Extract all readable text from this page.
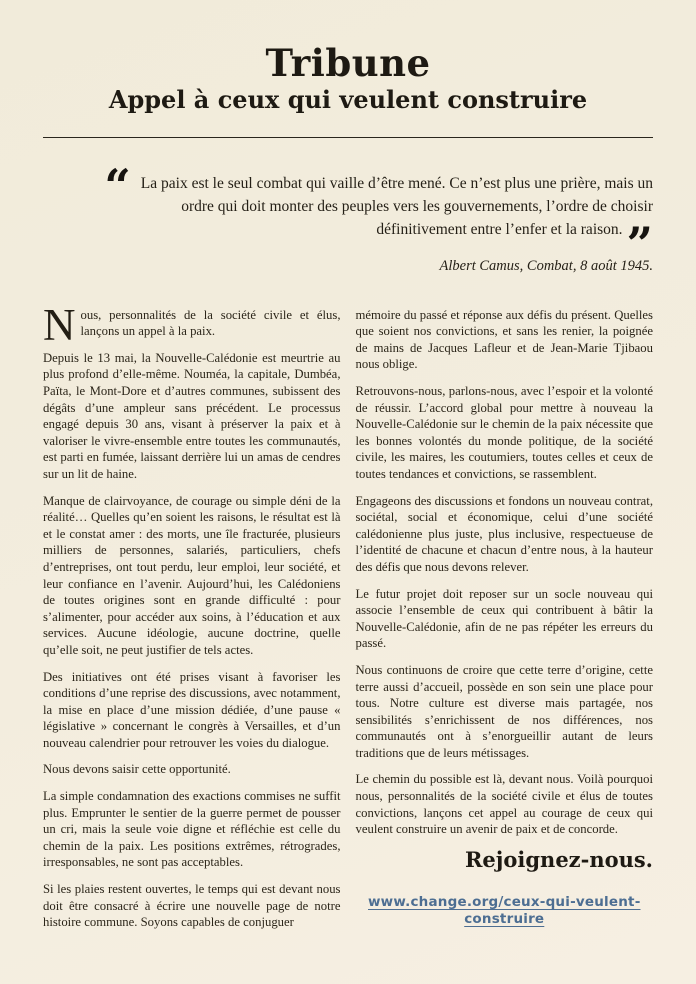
Tribune
Appel à ceux qui veulent construire
“ La paix est le seul combat qui vaille d’être mené. Ce n’est plus une prière, mais un ordre qui doit monter des peuples vers les gouvernements, l’ordre de choisir définitivement entre l’enfer et la raison.”
Albert Camus, Combat, 8 août 1945.

Nous, personnalités de la société civile et élus, lançons un appel à la paix.

Depuis le 13 mai, la Nouvelle-Calédonie est meurtrie au plus profond d’elle-même. Nouméa, la capitale, Dumbéa, Païta, le Mont-Dore et d’autres communes, subissent des dégâts d’une ampleur sans précédent. Le processus engagé depuis 30 ans, visant à préserver la paix et à valoriser le vivre-ensemble entre toutes les communautés, est parti en fumée, laissant derrière lui un amas de cendres sur un lit de haine.

Manque de clairvoyance, de courage ou simple déni de la réalité… Quelles qu’en soient les raisons, le résultat est là et le constat amer : des morts, une île fracturée, plusieurs milliers de personnes, salariés, particuliers, chefs d’entreprises, ont tout perdu, leur emploi, leur société, et leur confiance en l’avenir. Aujourd’hui, les Calédoniens de toutes origines sont en grande difficulté : pour s’alimenter, pour accéder aux soins, à l’éducation et aux services. Aucune idéologie, aucune doctrine, quelle qu’elle soit, ne peut justifier de tels actes.

Des initiatives ont été prises visant à favoriser les conditions d’une reprise des discussions, avec notamment, la mise en place d’une mission dédiée, d’une pause « législative » concernant le congrès à Versailles, et d’un nouveau calendrier pour retrouver les voies du dialogue.

Nous devons saisir cette opportunité.

La simple condamnation des exactions commises ne suffit plus. Emprunter le sentier de la guerre permet de pousser un cri, mais la seule voie digne et réfléchie est celle du chemin de la paix. Les positions extrêmes, rétrogrades, irresponsables, ne sont pas acceptables.

Si les plaies restent ouvertes, le temps qui est devant nous doit être consacré à écrire une nouvelle page de notre histoire commune. Soyons capables de conjuguer

mémoire du passé et réponse aux défis du présent. Quelles que soient nos convictions, et sans les renier, la poignée de mains de Jacques Lafleur et de Jean-Marie Tjibaou nous oblige.

Retrouvons-nous, parlons-nous, avec l’espoir et la volonté de réussir. L’accord global pour mettre à nouveau la Nouvelle-Calédonie sur le chemin de la paix nécessite que les bonnes volontés du monde politique, de la société civile, les maires, les coutumiers, toutes celles et ceux de toutes tendances et convictions, se rassemblent.

Engageons des discussions et fondons un nouveau contrat, sociétal, social et économique, celui d’une société calédonienne plus juste, plus inclusive, respectueuse de l’identité de chacune et chacun d’entre nous, à la hauteur des défis que nous devons relever.

Le futur projet doit reposer sur un socle nouveau qui associe l’ensemble de ceux qui contribuent à bâtir la Nouvelle-Calédonie, afin de ne pas répéter les erreurs du passé.

Nous continuons de croire que cette terre d’origine, cette terre aussi d’accueil, possède en son sein une place pour tous. Notre culture est diverse mais partagée, nos sensibilités s’enrichissent de nos différences, nos communautés ont à s’enorgueillir autant de leurs traditions que de leurs métissages.

Le chemin du possible est là, devant nous. Voilà pourquoi nous, personnalités de la société civile et élus de toutes convictions, lançons cet appel au courage de ceux qui veulent construire un avenir de paix et de concorde.

Rejoignez-nous.
www.change.org/ceux-qui-veulent-construire
